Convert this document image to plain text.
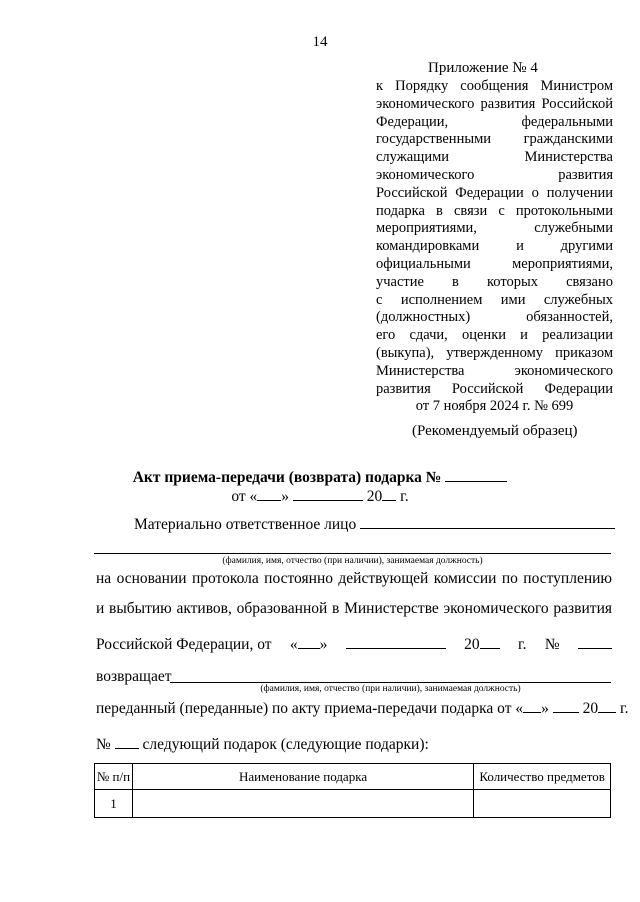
14
Приложение № 4
к Порядку сообщения Министром
экономического развития Российской
Федерации, федеральными
государственными гражданскими
служащими Министерства
экономического развития
Российской Федерации о получении
подарка в связи с протокольными
мероприятиями, служебными
командировками и другими
официальными мероприятиями,
участие в которых связано
с исполнением ими служебных
(должностных) обязанностей,
его сдачи, оценки и реализации
(выкупа), утвержденному приказом
Министерства экономического
развития Российской Федерации
от 7 ноября 2024 г. № 699
(Рекомендуемый образец)
Акт приема-передачи (возврата) подарка №
от « »	20 г.
Материально ответственное лицо
(фамилия, имя, отчество (при наличии), занимаемая должность)
на основании протокола постоянно действующей комиссии по поступлению
и выбытию активов, образованной в Министерстве экономического развития
Российской Федерации, от « »	20	г. №
возвращает
(фамилия, имя, отчество (при наличии), занимаемая должность)
переданный (переданные) по акту приема-передачи подарка от « » 20 г.
№ следующий подарок (следующие подарки):
№ п/п	Наименование подарка	Количество предметов
1		
